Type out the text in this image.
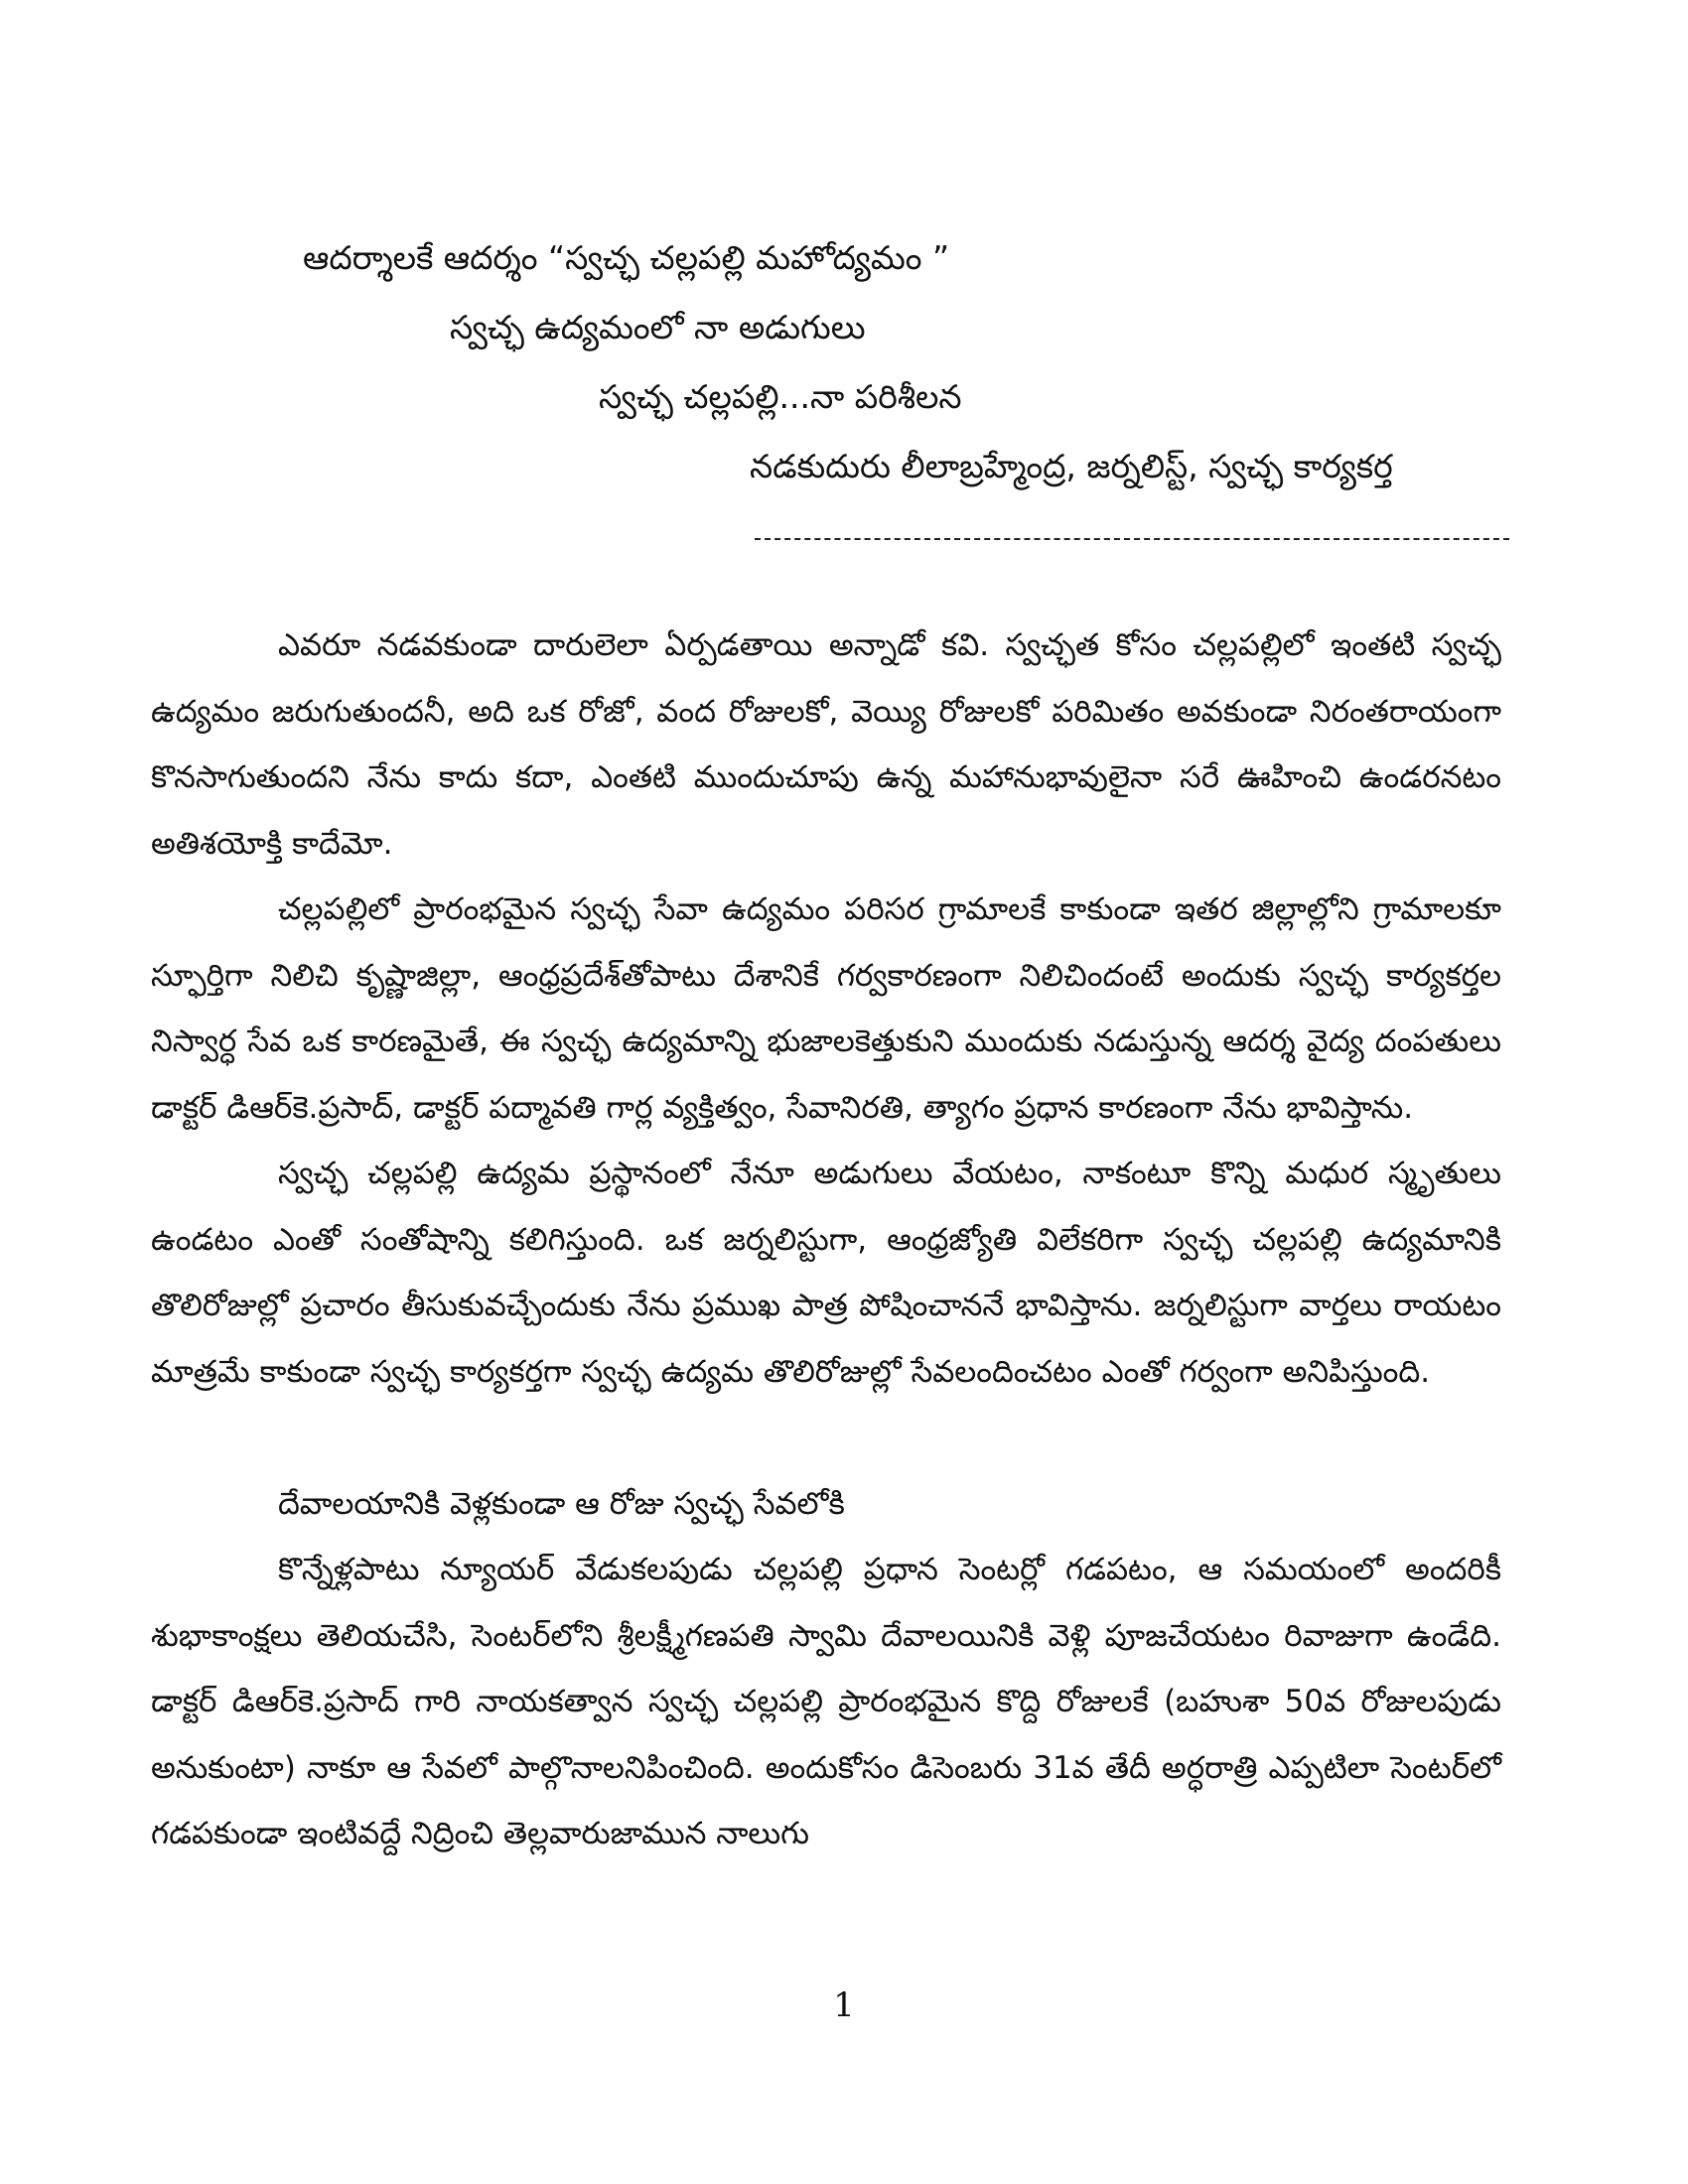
ఆదర్శాలకే ఆదర్శం “స్వచ్ఛ చల్లపల్లి మహోద్యమం ”
స్వచ్ఛ ఉద్యమంలో నా అడుగులు
స్వచ్ఛ చల్లపల్లి...నా పరిశీలన
నడకుదురు లీలాబ్రహ్మేంద్ర, జర్నలిస్ట్, స్వచ్ఛ కార్యకర్త

ఎవరూ నడవకుండా దారులెలా ఏర్పడతాయి అన్నాడో కవి. స్వచ్ఛత కోసం చల్లపల్లిలో ఇంతటి స్వచ్ఛ ఉద్యమం జరుగుతుందనీ, అది ఒక రోజో, వంద రోజులకో, వెయ్యి రోజులకో పరిమితం అవకుండా నిరంతరాయంగా కొనసాగుతుందని నేను కాదు కదా, ఎంతటి ముందుచూపు ఉన్న మహానుభావులైనా సరే ఊహించి ఉండరనటం అతిశయోక్తి కాదేమో.

చల్లపల్లిలో ప్రారంభమైన స్వచ్ఛ సేవా ఉద్యమం పరిసర గ్రామాలకే కాకుండా ఇతర జిల్లాల్లోని గ్రామాలకూ స్ఫూర్తిగా నిలిచి కృష్ణాజిల్లా, ఆంధ్రప్రదేశ్‌తోపాటు దేశానికే గర్వకారణంగా నిలిచిందంటే అందుకు స్వచ్ఛ కార్యకర్తల నిస్వార్ధ సేవ ఒక కారణమైతే, ఈ స్వచ్ఛ ఉద్యమాన్ని భుజాలకెత్తుకుని ముందుకు నడుస్తున్న ఆదర్శ వైద్య దంపతులు డాక్టర్ డిఆర్‌కె.ప్రసాద్, డాక్టర్ పద్మావతి గార్ల వ్యక్తిత్వం, సేవానిరతి, త్యాగం ప్రధాన కారణంగా నేను భావిస్తాను.

స్వచ్ఛ చల్లపల్లి ఉద్యమ ప్రస్థానంలో నేనూ అడుగులు వేయటం, నాకంటూ కొన్ని మధుర స్మృతులు ఉండటం ఎంతో సంతోషాన్ని కలిగిస్తుంది. ఒక జర్నలిస్టుగా, ఆంధ్రజ్యోతి విలేకరిగా స్వచ్ఛ చల్లపల్లి ఉద్యమానికి తొలిరోజుల్లో ప్రచారం తీసుకువచ్చేందుకు నేను ప్రముఖ పాత్ర పోషించాననే భావిస్తాను. జర్నలిస్టుగా వార్తలు రాయటం మాత్రమే కాకుండా స్వచ్ఛ కార్యకర్తగా స్వచ్ఛ ఉద్యమ తొలిరోజుల్లో సేవలందించటం ఎంతో గర్వంగా అనిపిస్తుంది.

దేవాలయానికి వెళ్లకుండా ఆ రోజు స్వచ్ఛ సేవలోకి

కొన్నేళ్లపాటు న్యూయర్ వేడుకలపుడు చల్లపల్లి ప్రధాన సెంటర్లో గడపటం, ఆ సమయంలో అందరికీ శుభాకాంక్షలు తెలియచేసి, సెంటర్‌లోని శ్రీలక్ష్మీగణపతి స్వామి దేవాలయినికి వెళ్లి పూజచేయటం రివాజుగా ఉండేది. డాక్టర్ డిఆర్‌కె.ప్రసాద్ గారి నాయకత్వాన స్వచ్ఛ చల్లపల్లి ప్రారంభమైన కొద్ది రోజులకే (బహుశా 50వ రోజులపుడు అనుకుంటా) నాకూ ఆ సేవలో పాల్గొనాలనిపించింది. అందుకోసం డిసెంబరు 31వ తేదీ అర్ధరాత్రి ఎప్పటిలా సెంటర్‌లో గడపకుండా ఇంటివద్దే నిద్రించి తెల్లవారుజామున నాలుగు

1
